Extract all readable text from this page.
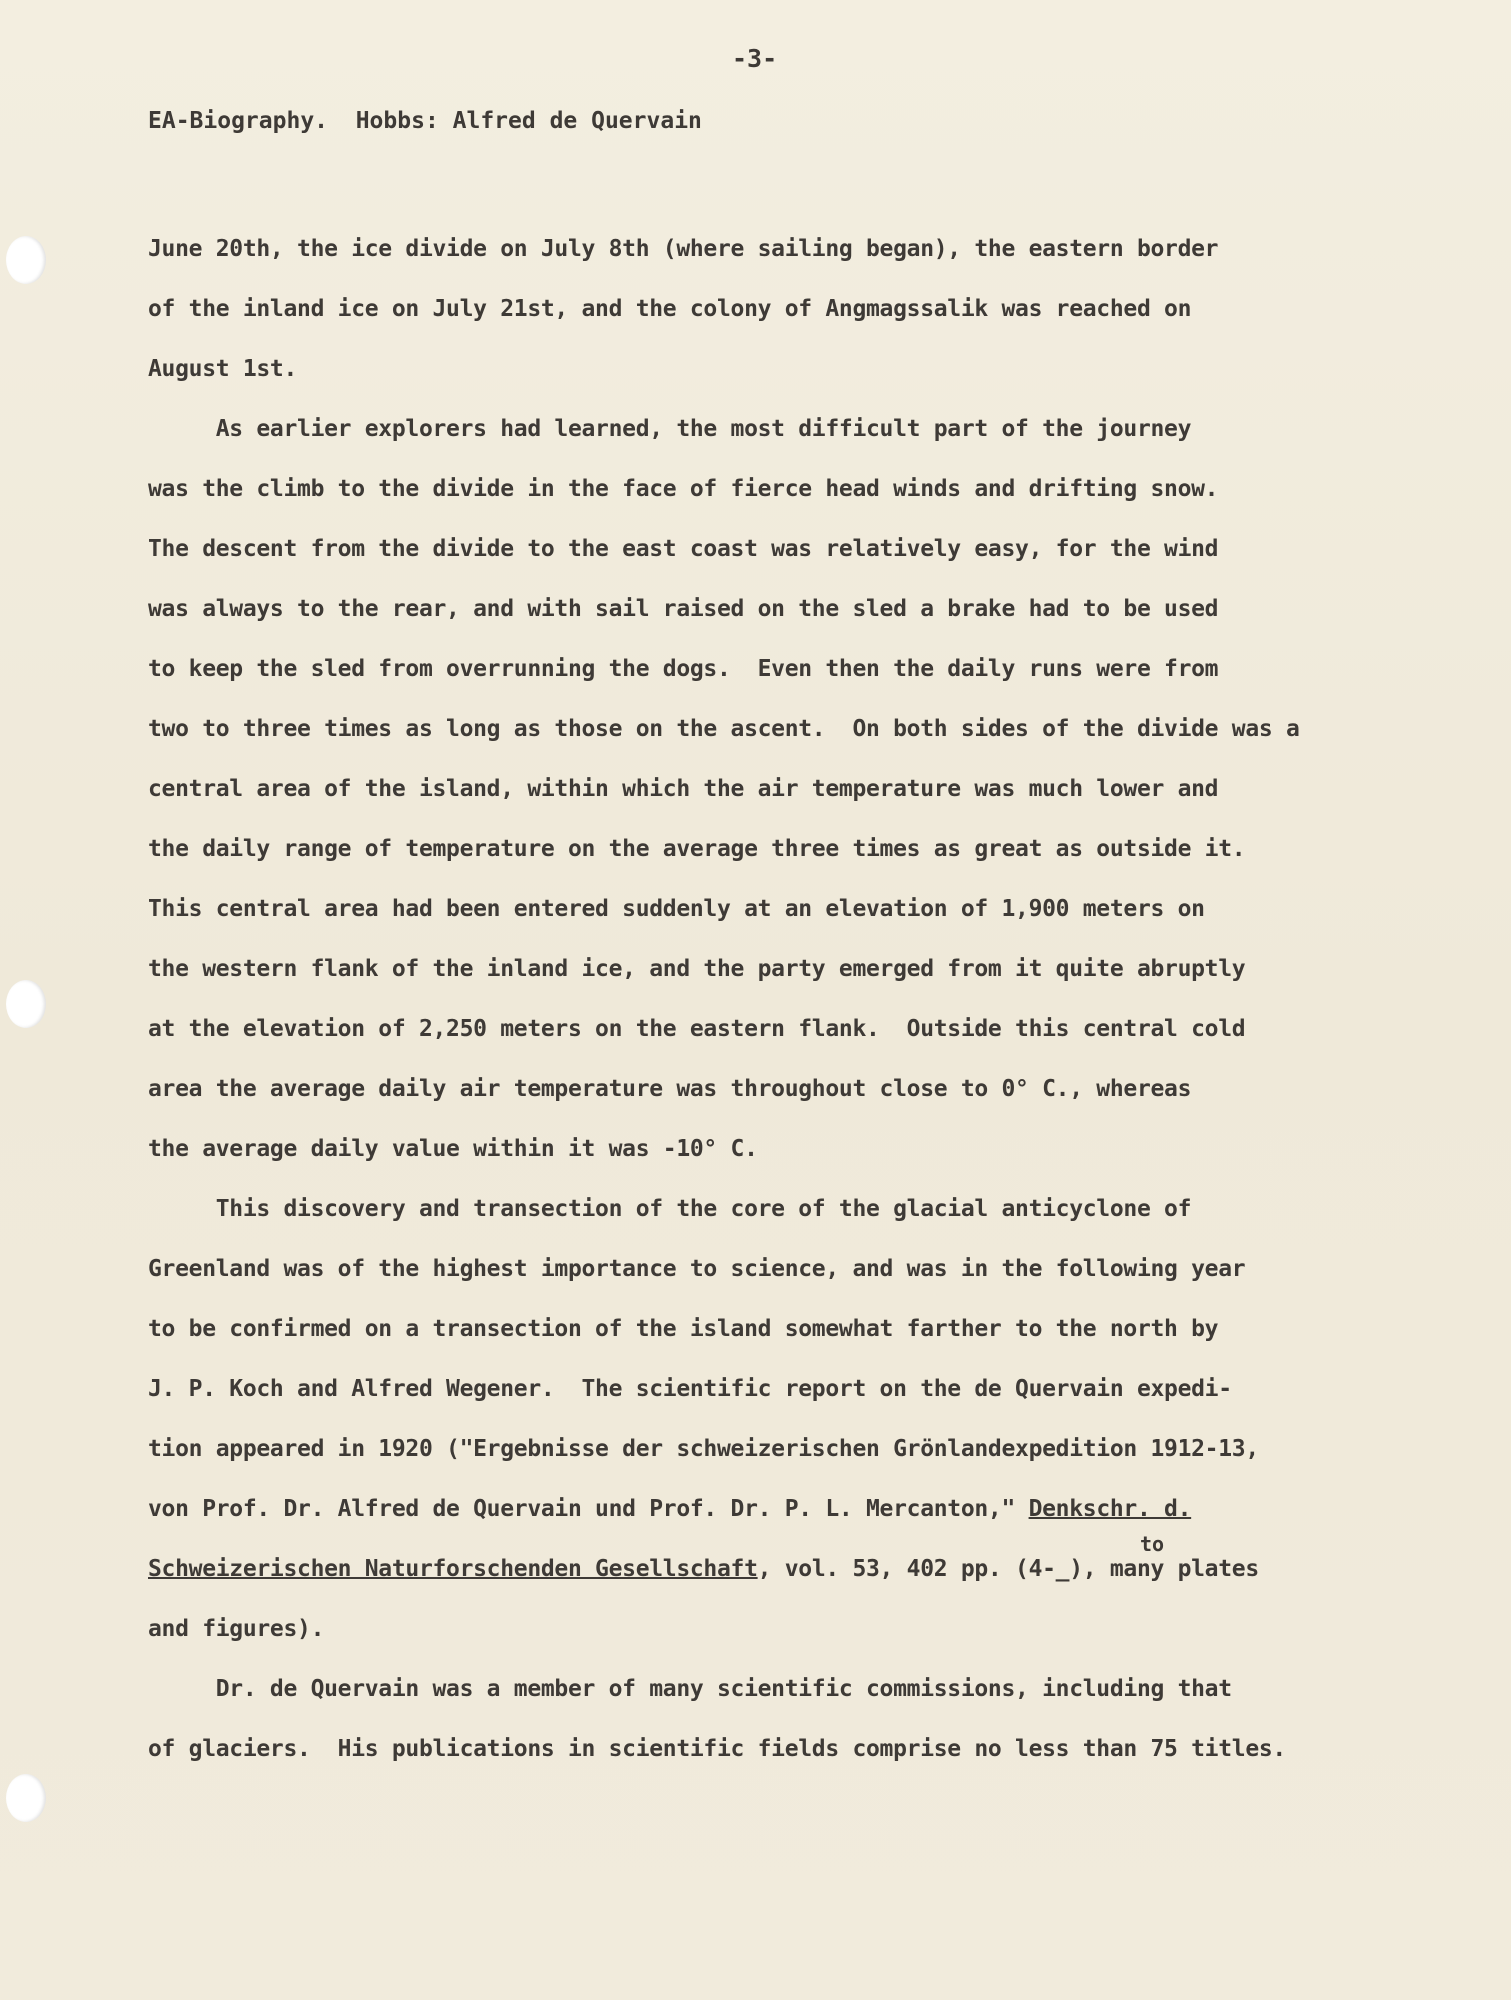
-3-
EA-Biography.  Hobbs: Alfred de Quervain
June 20th, the ice divide on July 8th (where sailing began), the eastern border
of the inland ice on July 21st, and the colony of Angmagssalik was reached on
August 1st.
As earlier explorers had learned, the most difficult part of the journey
was the climb to the divide in the face of fierce head winds and drifting snow.
The descent from the divide to the east coast was relatively easy, for the wind
was always to the rear, and with sail raised on the sled a brake had to be used
to keep the sled from overrunning the dogs.  Even then the daily runs were from
two to three times as long as those on the ascent.  On both sides of the divide was a
central area of the island, within which the air temperature was much lower and
the daily range of temperature on the average three times as great as outside it.
This central area had been entered suddenly at an elevation of 1,900 meters on
the western flank of the inland ice, and the party emerged from it quite abruptly
at the elevation of 2,250 meters on the eastern flank.  Outside this central cold
area the average daily air temperature was throughout close to 0° C., whereas
the average daily value within it was -10° C.
This discovery and transection of the core of the glacial anticyclone of
Greenland was of the highest importance to science, and was in the following year
to be confirmed on a transection of the island somewhat farther to the north by
J. P. Koch and Alfred Wegener.  The scientific report on the de Quervain expedi-
tion appeared in 1920 ("Ergebnisse der schweizerischen Grönlandexpedition 1912-13,
von Prof. Dr. Alfred de Quervain und Prof. Dr. P. L. Mercanton," Denkschr. d.
to
Schweizerischen Naturforschenden Gesellschaft, vol. 53, 402 pp. (4-_), many plates
and figures).
Dr. de Quervain was a member of many scientific commissions, including that
of glaciers.  His publications in scientific fields comprise no less than 75 titles.
